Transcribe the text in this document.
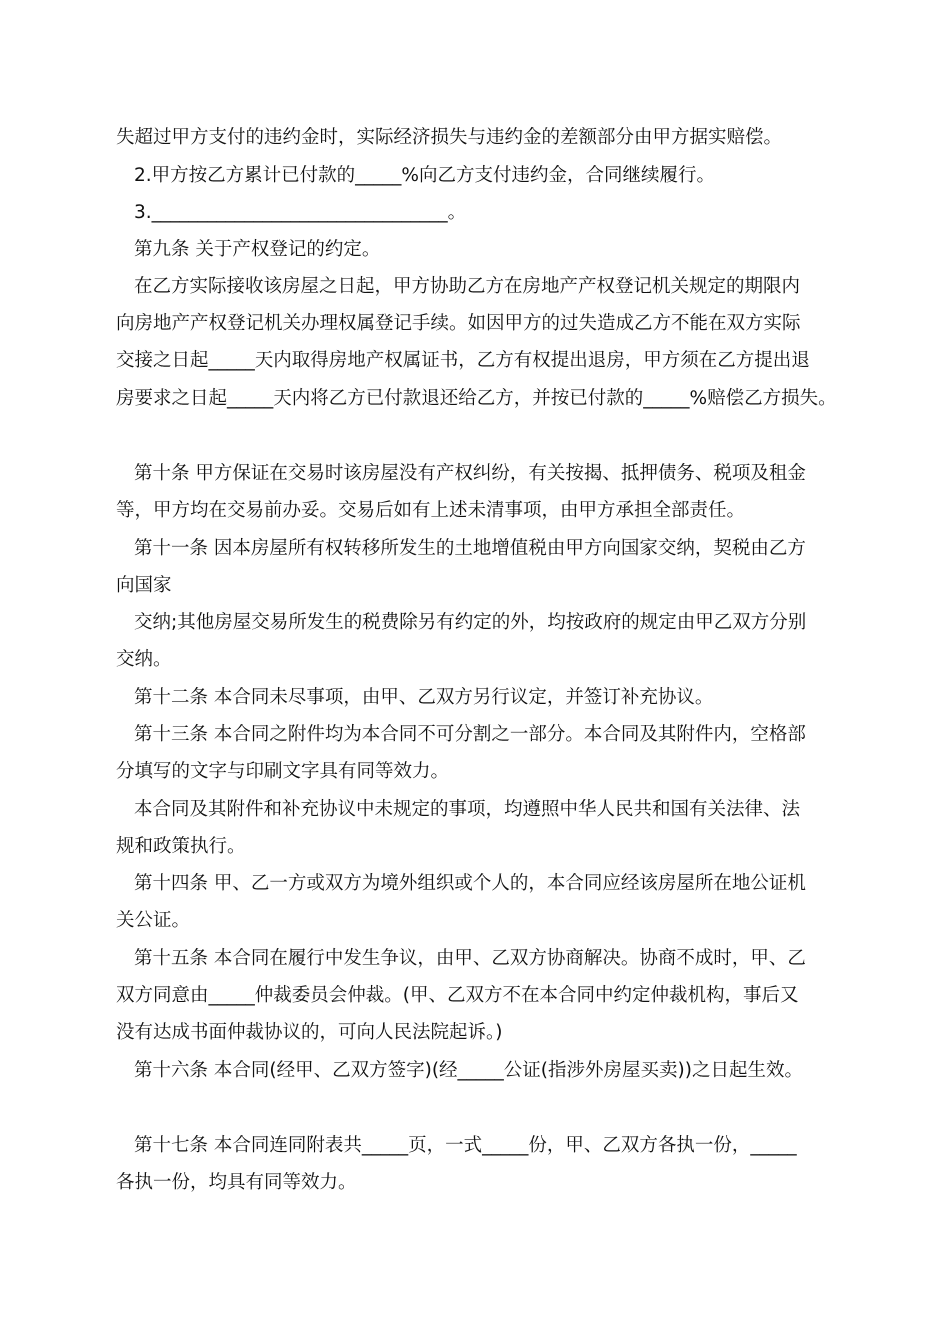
失超过甲方支付的违约金时，实际经济损失与违约金的差额部分由甲方据实赔偿。
2.甲方按乙方累计已付款的_____%向乙方支付违约金，合同继续履行。
3.________________________________。
第九条 关于产权登记的约定。
在乙方实际接收该房屋之日起，甲方协助乙方在房地产产权登记机关规定的期限内
向房地产产权登记机关办理权属登记手续。如因甲方的过失造成乙方不能在双方实际
交接之日起_____天内取得房地产权属证书，乙方有权提出退房，甲方须在乙方提出退
房要求之日起_____天内将乙方已付款退还给乙方，并按已付款的_____%赔偿乙方损失。
第十条 甲方保证在交易时该房屋没有产权纠纷，有关按揭、抵押债务、税项及租金
等，甲方均在交易前办妥。交易后如有上述未清事项，由甲方承担全部责任。
第十一条 因本房屋所有权转移所发生的土地增值税由甲方向国家交纳，契税由乙方
向国家
交纳;其他房屋交易所发生的税费除另有约定的外，均按政府的规定由甲乙双方分别
交纳。
第十二条 本合同未尽事项，由甲、乙双方另行议定，并签订补充协议。
第十三条 本合同之附件均为本合同不可分割之一部分。本合同及其附件内，空格部
分填写的文字与印刷文字具有同等效力。
本合同及其附件和补充协议中未规定的事项，均遵照中华人民共和国有关法律、法
规和政策执行。
第十四条 甲、乙一方或双方为境外组织或个人的，本合同应经该房屋所在地公证机
关公证。
第十五条 本合同在履行中发生争议，由甲、乙双方协商解决。协商不成时，甲、乙
双方同意由_____仲裁委员会仲裁。(甲、乙双方不在本合同中约定仲裁机构，事后又
没有达成书面仲裁协议的，可向人民法院起诉。)
第十六条 本合同(经甲、乙双方签字)(经_____公证(指涉外房屋买卖))之日起生效。
第十七条 本合同连同附表共_____页，一式_____份，甲、乙双方各执一份，_____
各执一份，均具有同等效力。
